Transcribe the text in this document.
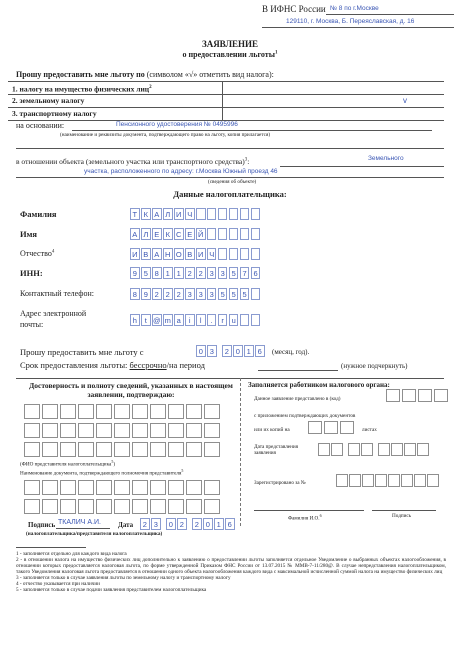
В ИФНС России № 8 по г.Москве
129110, г. Москва, Б. Переяславская, д. 16
ЗАЯВЛЕНИЕ
о предоставлении льготы$^1$
Прошу предоставить мне льготу по (символом «√» отметить вид налога):
1. налогу на имущество физических лиц$^2$
2. земельному налогу	v
3. транспортному налогу
на основании:	Пенсионного удостоверения № 0495996
(наименование и реквизиты документа, подтверждающего право на льготу, копия прилагается)
в отношении объекта (земельного участка или транспортного средства)$^3$:	Земельного
участка, расположенного по адресу: г.Москва Южный проезд 46
(сведения об объекте)
Данные налогоплательщика:
Фамилия	Т К А Л И Ч
Имя	А Л Е К С Е Й
Отчество$^4$	И В А Н О В И Ч
ИНН:	9 5 8 1 1 2 2 3 3 5 7 6
Контактный телефон:	8 9 2 2 2 3 3 3 5 5 5
Адрес электронной
почты:	h	t @ m a	i	l	.	r	u
Прошу предоставить мне льготу с	0 3	2 0 1 6	(месяц, год).
Срок предоставления льготы: бессрочно/на период	(нужное подчеркнуть)
Достоверность и полноту сведений, указанных в настоящем заявлении, подтверждаю:
(ФИО представителя налогоплательщика$^5$)
Наименование документа, подтверждающего полномочия представителя$^5$
Подпись ТКАЛИЧ А.И. Дата	2 3	0 2	2 0 1 6
(налогоплательщика/представителя налогоплательщика)
Заполняется работником налогового органа:
Данное заявление представлено в (код)
с приложением подтверждающих документов
или их копий на	листах
Дата представления заявления
Зарегистрировано за №
Фамилия И.О.$^6$	Подпись
1 - заполняется отдельно для каждого вида налога
2 - в отношении налога на имущество физических лиц дополнительно к заявлению о предоставлении льготы заполняется отдельное Уведомление о выбранных объектах налогообложения, в отношении которых предоставляется налоговая льгота, по форме утвержденной Приказом ФНС России от 13.07.2015 № ММВ-7-11/280@. В случае непредставления налогоплательщиком, такого Уведомления налоговая льгота предоставляется в отношении одного объекта налогообложения каждого вида с максимальной исчисленной суммой налога на имущество физических лиц
3 - заполняется только в случае заявления льготы по земельному налогу и транспортному налогу
4 - отчество указывается при наличии
5 - заполняется только в случае подачи заявления представителем налогоплательщика
